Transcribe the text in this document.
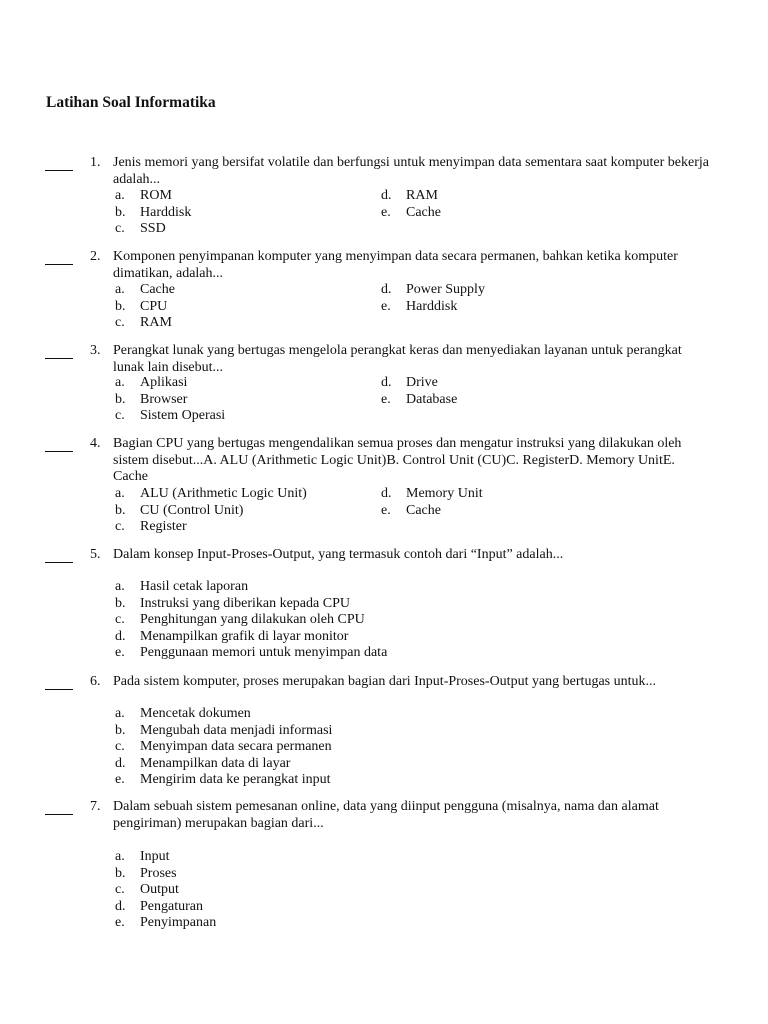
Latihan Soal Informatika
1. Jenis memori yang bersifat volatile dan berfungsi untuk menyimpan data sementara saat komputer bekerja adalah...
a. ROM
b. Harddisk
c. SSD
d. RAM
e. Cache
2. Komponen penyimpanan komputer yang menyimpan data secara permanen, bahkan ketika komputer dimatikan, adalah...
a. Cache
b. CPU
c. RAM
d. Power Supply
e. Harddisk
3. Perangkat lunak yang bertugas mengelola perangkat keras dan menyediakan layanan untuk perangkat lunak lain disebut...
a. Aplikasi
b. Browser
c. Sistem Operasi
d. Drive
e. Database
4. Bagian CPU yang bertugas mengendalikan semua proses dan mengatur instruksi yang dilakukan oleh sistem disebut...A. ALU (Arithmetic Logic Unit)B. Control Unit (CU)C. RegisterD. Memory UnitE. Cache
a. ALU (Arithmetic Logic Unit)
b. CU (Control Unit)
c. Register
d. Memory Unit
e. Cache
5. Dalam konsep Input-Proses-Output, yang termasuk contoh dari “Input” adalah...
a. Hasil cetak laporan
b. Instruksi yang diberikan kepada CPU
c. Penghitungan yang dilakukan oleh CPU
d. Menampilkan grafik di layar monitor
e. Penggunaan memori untuk menyimpan data
6. Pada sistem komputer, proses merupakan bagian dari Input-Proses-Output yang bertugas untuk...
a. Mencetak dokumen
b. Mengubah data menjadi informasi
c. Menyimpan data secara permanen
d. Menampilkan data di layar
e. Mengirim data ke perangkat input
7. Dalam sebuah sistem pemesanan online, data yang diinput pengguna (misalnya, nama dan alamat pengiriman) merupakan bagian dari...
a. Input
b. Proses
c. Output
d. Pengaturan
e. Penyimpanan
